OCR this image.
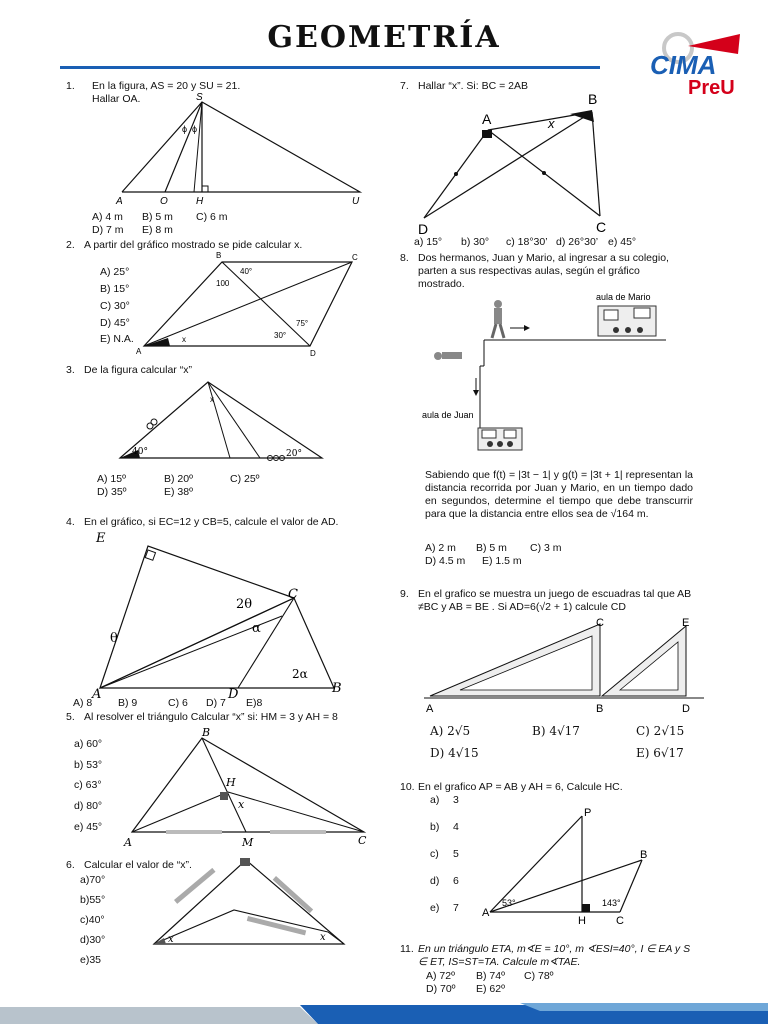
GEOMETRÍA
CIMA
PreU
1. En la figura, AS = 20 y SU = 21.
Hallar OA.	S
A	O	H	U
ϕ ϕ
A) 4 m B) 5 m C) 6 m
D) 7 m E) 8 m
2. A partir del gráfico mostrado se pide calcular x.
B	C
A	D
40°
100
75°
30°
x
A) 25°
B) 15°
C) 30°
D) 45°
E) N.A.
3. De la figura calcular “x”
40°	20°
x
A) 15º	B) 20º	C) 25º
D) 35º	E) 38º
4. En el gráfico, si EC=12 y CB=5, calcule el valor de AD.
E
C
A	D	B
θ
α
2θ
2α
A) 8 B) 9	C) 6 D) 7 E)8
5. Al resolver el triángulo Calcular “x” si: HM = 3 y AH = 8
B
H
x
A	M	C
a) 60°
b) 53°
c) 63°
d) 80°
e) 45°
6. Calcular el valor de “x”.
x	x
a)70°
b)55°
c)40°
d)30°
e)35
7. Hallar “x”. Si: BC = 2AB
A
B
C
D
x
a) 15° b) 30° c) 18°30’ d) 26°30’ e) 45°
8. Dos hermanos, Juan y Mario, al ingresar a su colegio, parten a sus respectivas aulas, según el gráfico mostrado.
aula de Mario
aula de Juan
Sabiendo que f(t) = |3t − 1| y g(t) = |3t + 1| representan la distancia recorrida por Juan y Mario, en un tiempo dado en segundos, determine el tiempo que debe transcurrir para que la distancia entre ellos sea de √164 m.
A) 2 m B) 5 m C) 3 m
D) 4.5 m E) 1.5 m
9. En el grafico se muestra un juego de escuadras tal que AB ≠BC y AB = BE . Si AD=6(√2 + 1) calcule CD
C	E
A	B	D
A) 2√5	B) 4√17	C) 2√15
D) 4√15	E) 6√17
10. En el grafico AP = AB y AH = 6, Calcule HC.
P
B
A
H	C
53°	143°
a) 3
b) 4
c) 5
d) 6
e) 7
11. En un triángulo ETA, m∢E = 10°, m ∢ESI=40°, I ∈ EA y S ∈ ET, IS=ST=TA. Calcule m∢TAE.
A) 72º B) 74º C) 78º
D) 70º E) 62º
